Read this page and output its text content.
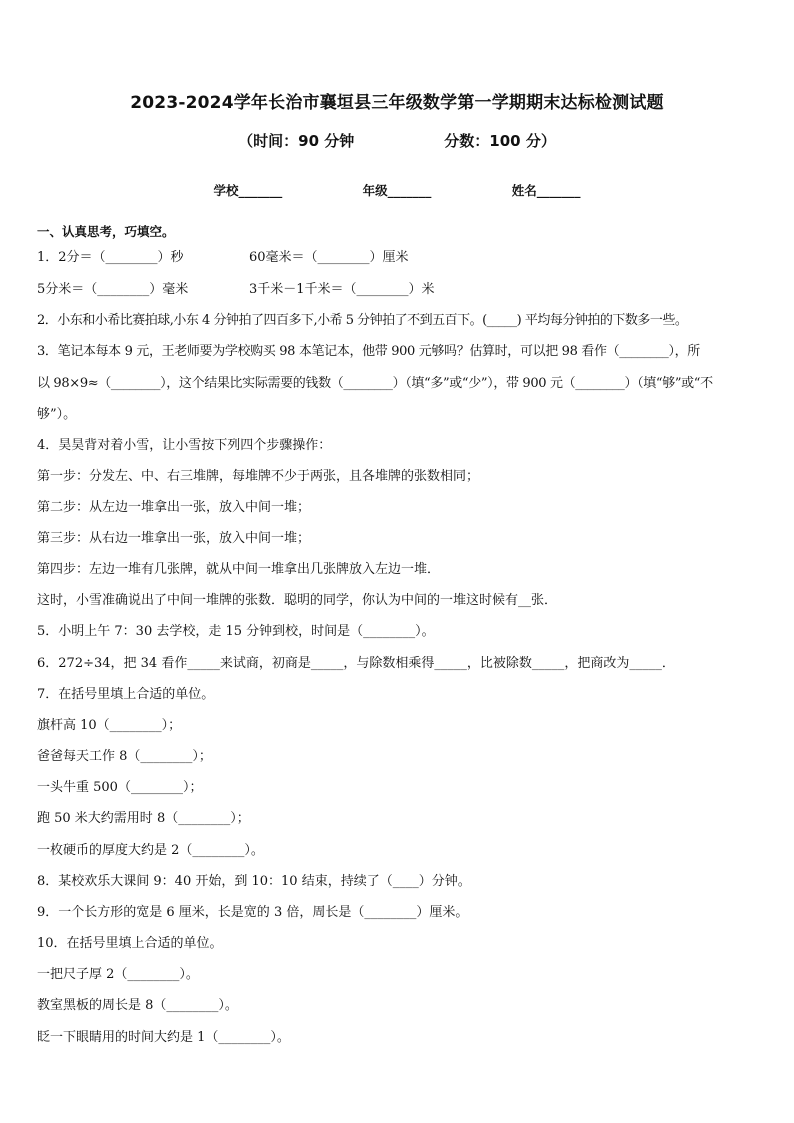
2023-2024学年长治市襄垣县三年级数学第一学期期末达标检测试题
（时间：90 分钟	分数：100 分）
学校_______	年级_______	姓名_______
一、认真思考，巧填空。
1．2分＝（________）秒	60毫米＝（________）厘米
5分米＝（________）毫米	3千米－1千米＝（________）米
2．小东和小希比赛拍球,小东 4 分钟拍了四百多下,小希 5 分钟拍了不到五百下。(_____) 平均每分钟拍的下数多一些。
3．笔记本每本 9 元，王老师要为学校购买 98 本笔记本，他带 900 元够吗？估算时，可以把 98 看作（________），所
以 98×9≈（________），这个结果比实际需要的钱数（________）（填“多”或“少”），带 900 元（________）（填“够”或“不
够”）。
4．昊昊背对着小雪，让小雪按下列四个步骤操作：
第一步：分发左、中、右三堆牌，每堆牌不少于两张，且各堆牌的张数相同；
第二步：从左边一堆拿出一张，放入中间一堆；
第三步：从右边一堆拿出一张，放入中间一堆；
第四步：左边一堆有几张牌，就从中间一堆拿出几张牌放入左边一堆．
这时，小雪准确说出了中间一堆牌的张数．聪明的同学，你认为中间的一堆这时候有__张．
5．小明上午 7：30 去学校，走 15 分钟到校，时间是（________）。
6．272÷34，把 34 看作_____来试商，初商是_____，与除数相乘得_____，比被除数_____，把商改为_____．
7．在括号里填上合适的单位。
旗杆高 10（________）；
爸爸每天工作 8（________）；
一头牛重 500（________）；
跑 50 米大约需用时 8（________）；
一枚硬币的厚度大约是 2（________）。
8．某校欢乐大课间 9：40 开始，到 10：10 结束，持续了（____）分钟。
9．一个长方形的宽是 6 厘米，长是宽的 3 倍，周长是（________）厘米。
10．在括号里填上合适的单位。
一把尺子厚 2（________）。
教室黑板的周长是 8（________）。
眨一下眼睛用的时间大约是 1（________）。
